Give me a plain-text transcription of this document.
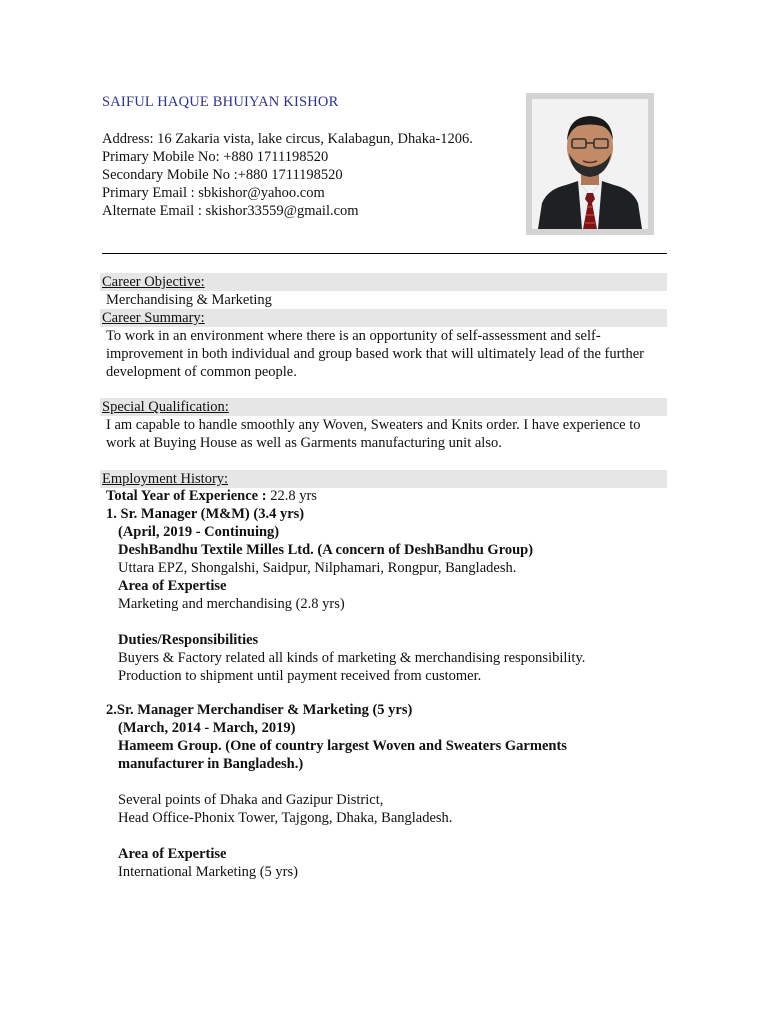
SAIFUL HAQUE BHUIYAN KISHOR
Address: 16 Zakaria vista, lake circus, Kalabagun, Dhaka-1206.
Primary Mobile No: +880 1711198520
Secondary Mobile No :+880 1711198520
Primary Email : sbkishor@yahoo.com
Alternate Email : skishor33559@gmail.com
Career Objective:
Merchandising & Marketing
Career Summary:
To work in an environment where there is an opportunity of self-assessment and self-
improvement in both individual and group based work that will ultimately lead of the further
development of common people.
Special Qualification:
I am capable to handle smoothly any Woven, Sweaters and Knits order. I have experience to
work at Buying House as well as Garments manufacturing unit also.
Employment History:
Total Year of Experience : 22.8 yrs
1. Sr. Manager (M&M) (3.4 yrs)
(April, 2019 - Continuing)
DeshBandhu Textile Milles Ltd. (A concern of DeshBandhu Group)
Uttara EPZ, Shongalshi, Saidpur, Nilphamari, Rongpur, Bangladesh.
Area of Expertise
Marketing and merchandising (2.8 yrs)
Duties/Responsibilities
Buyers & Factory related all kinds of marketing & merchandising responsibility.
Production to shipment until payment received from customer.
2.Sr. Manager Merchandiser & Marketing (5 yrs)
(March, 2014 - March, 2019)
Hameem Group. (One of country largest Woven and Sweaters Garments
manufacturer in Bangladesh.)
Several points of Dhaka and Gazipur District,
Head Office-Phonix Tower, Tajgong, Dhaka, Bangladesh.
Area of Expertise
International Marketing (5 yrs)
